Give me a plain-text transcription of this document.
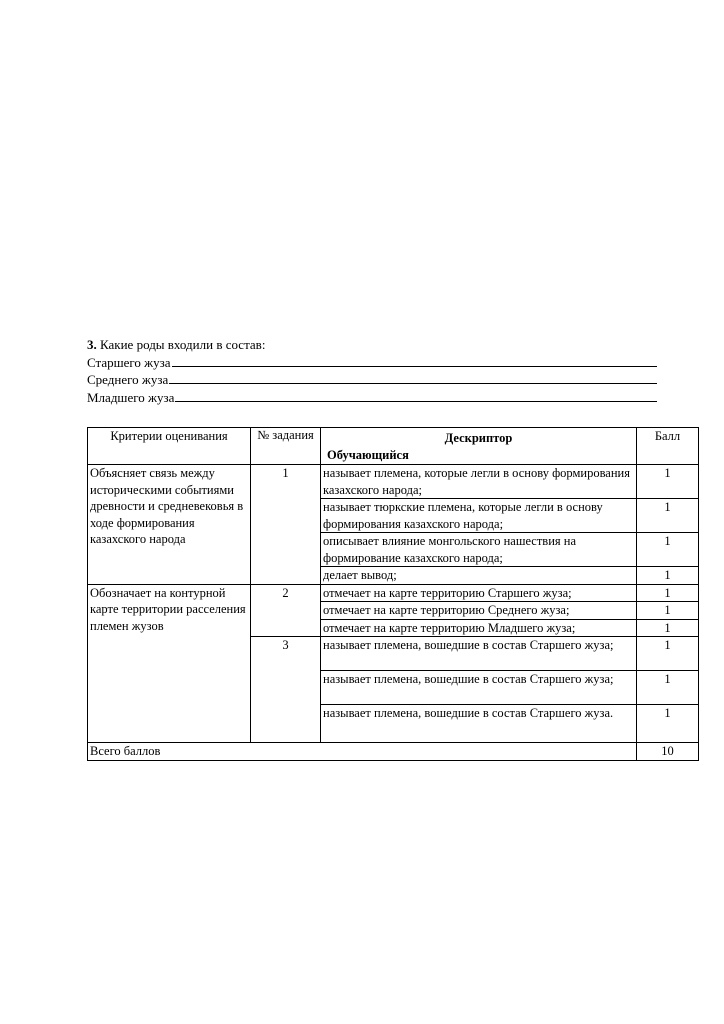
3. Какие роды входили в состав:
Старшего жуза
Среднего жуза
Младшего жуза
Критерии оценивания	№ задания	Дескриптор
Обучающийся	Балл
Объясняет связь между историческими событиями древности и средневековья в ходе формирования казахского народа	1	называет племена, которые легли в основу формирования казахского народа;	1
		называет тюркские племена, которые легли в основу формирования казахского народа;	1
		описывает влияние монгольского нашествия на формирование казахского народа;	1
		делает вывод;	1
Обозначает на контурной карте территории расселения племен жузов	2	отмечает на карте территорию Старшего жуза;	1
		отмечает на карте территорию Среднего жуза;	1
		отмечает на карте территорию Младшего жуза;	1
	3	называет племена, вошедшие в состав Старшего жуза;	1
		называет племена, вошедшие в состав Старшего жуза;	1
		называет племена, вошедшие в состав Старшего жуза.	1
Всего баллов			10
